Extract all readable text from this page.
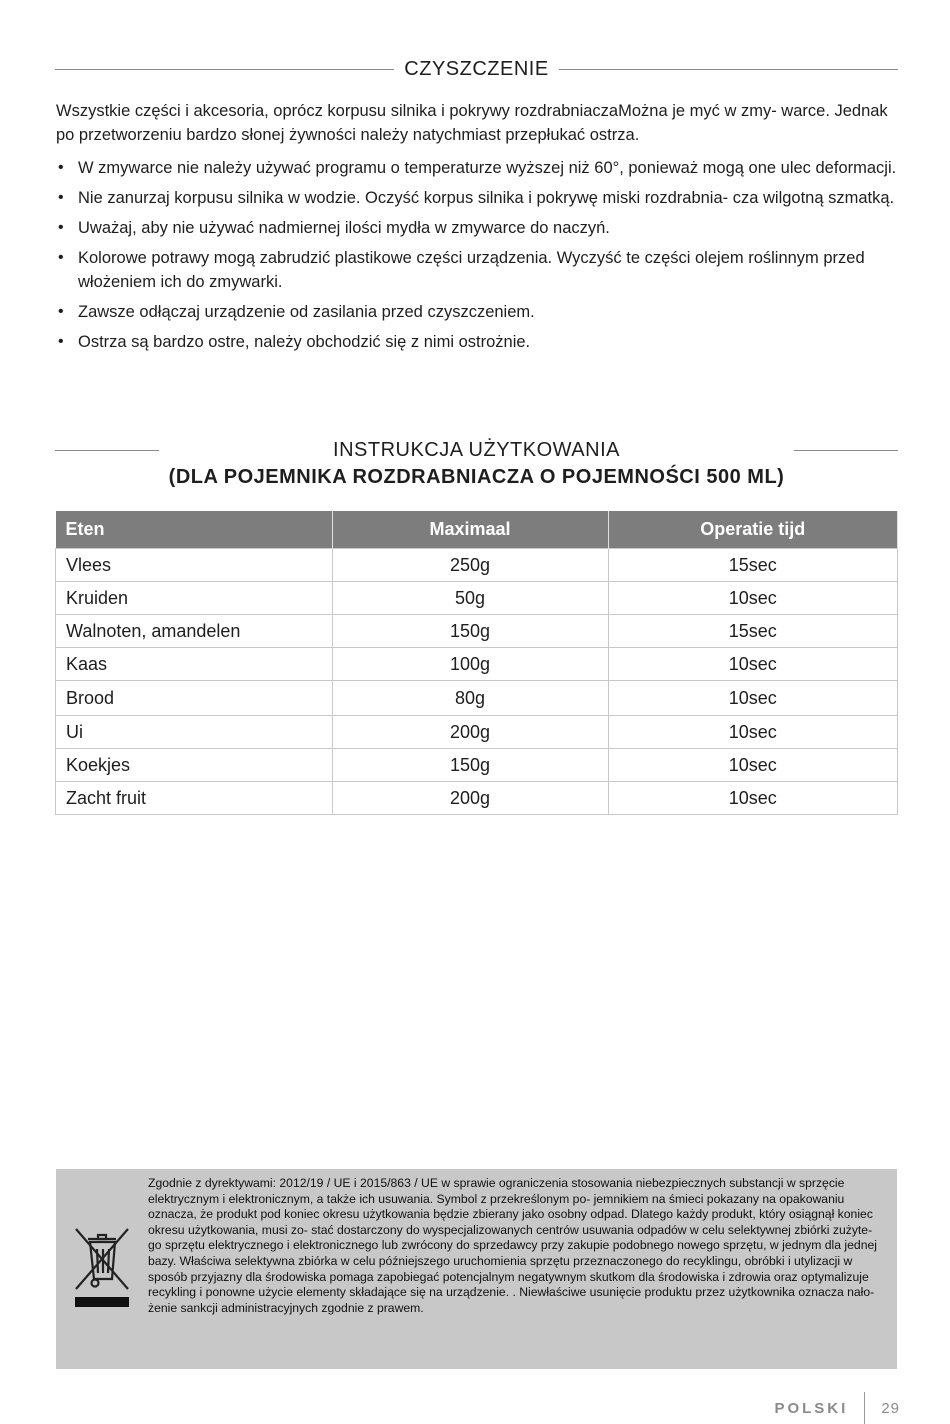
CZYSZCZENIE

Wszystkie części i akcesoria, oprócz korpusu silnika i pokrywy rozdrabniaczaMożna je myć w zmy- warce. Jednak po przetworzeniu bardzo słonej żywności należy natychmiast przepłukać ostrza.

• W zmywarce nie należy używać programu o temperaturze wyższej niż 60°, ponieważ mogą one ulec deformacji.
• Nie zanurzaj korpusu silnika w wodzie. Oczyść korpus silnika i pokrywę miski rozdrabnia- cza wilgotną szmatką.
• Uważaj, aby nie używać nadmiernej ilości mydła w zmywarce do naczyń.
• Kolorowe potrawy mogą zabrudzić plastikowe części urządzenia. Wyczyść te części olejem roślinnym przed włożeniem ich do zmywarki.
• Zawsze odłączaj urządzenie od zasilania przed czyszczeniem.
• Ostrza są bardzo ostre, należy obchodzić się z nimi ostrożnie.
INSTRUKCJA UŻYTKOWANIA
(DLA POJEMNIKA ROZDRABNIACZA O POJEMNOŚCI 500 ML)
Eten	Maximaal	Operatie tijd
Vlees	250g	15sec
Kruiden	50g	10sec
Walnoten, amandelen	150g	15sec
Kaas	100g	10sec
Brood	80g	10sec
Ui	200g	10sec
Koekjes	150g	10sec
Zacht fruit	200g	10sec

Zgodnie z dyrektywami: 2012/19 / UE i 2015/863 / UE w sprawie ograniczenia stosowania niebezpiecznych substancji w sprzęcie elektrycznym i elektronicznym, a także ich usuwania. Symbol z przekreślonym po- jemnikiem na śmieci pokazany na opakowaniu oznacza, że produkt pod koniec okresu użytkowania będzie zbierany jako osobny odpad. Dlatego każdy produkt, który osiągnął koniec okresu użytkowania, musi zo- stać dostarczony do wyspecjalizowanych centrów usuwania odpadów w celu selektywnej zbiórki zużyte- go sprzętu elektrycznego i elektronicznego lub zwrócony do sprzedawcy przy zakupie podobnego nowego sprzętu, w jednym dla jednej bazy. Właściwa selektywna zbiórka w celu późniejszego uruchomienia sprzętu przeznaczonego do recyklingu, obróbki i utylizacji w sposób przyjazny dla środowiska pomaga zapobiegać potencjalnym negatywnym skutkom dla środowiska i zdrowia oraz optymalizuje recykling i ponowne użycie elementy składające się na urządzenie. . Niewłaściwe usunięcie produktu przez użytkownika oznacza nało- żenie sankcji administracyjnych zgodnie z prawem.

POLSKI 29
